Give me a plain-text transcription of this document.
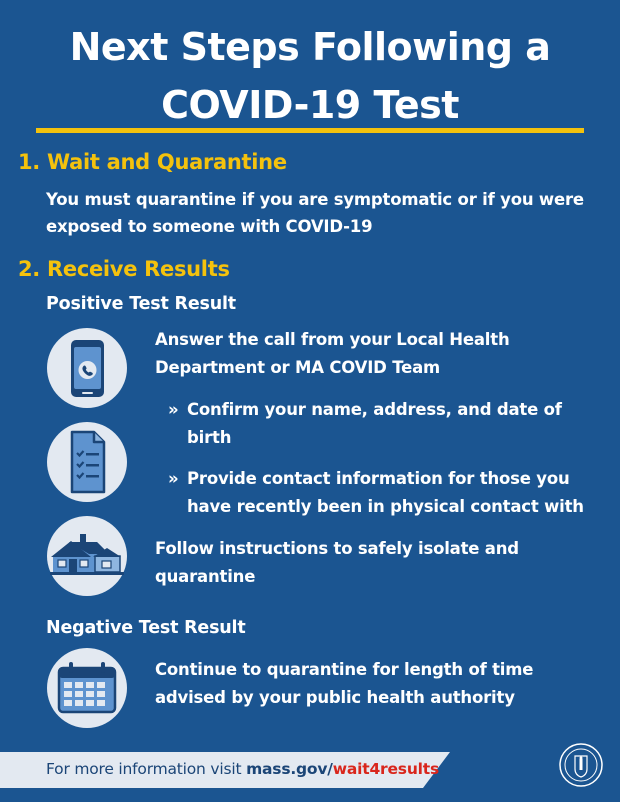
Next Steps Following a
COVID-19 Test
1. Wait and Quarantine
You must quarantine if you are symptomatic or if you were
exposed to someone with COVID-19
2. Receive Results
Positive Test Result
Answer the call from your Local Health
Department or MA COVID Team
» Confirm your name, address, and date of
birth
» Provide contact information for those you
have recently been in physical contact with
Follow instructions to safely isolate and
quarantine
Negative Test Result
Continue to quarantine for length of time
advised by your public health authority
For more information visit mass.gov/wait4results
